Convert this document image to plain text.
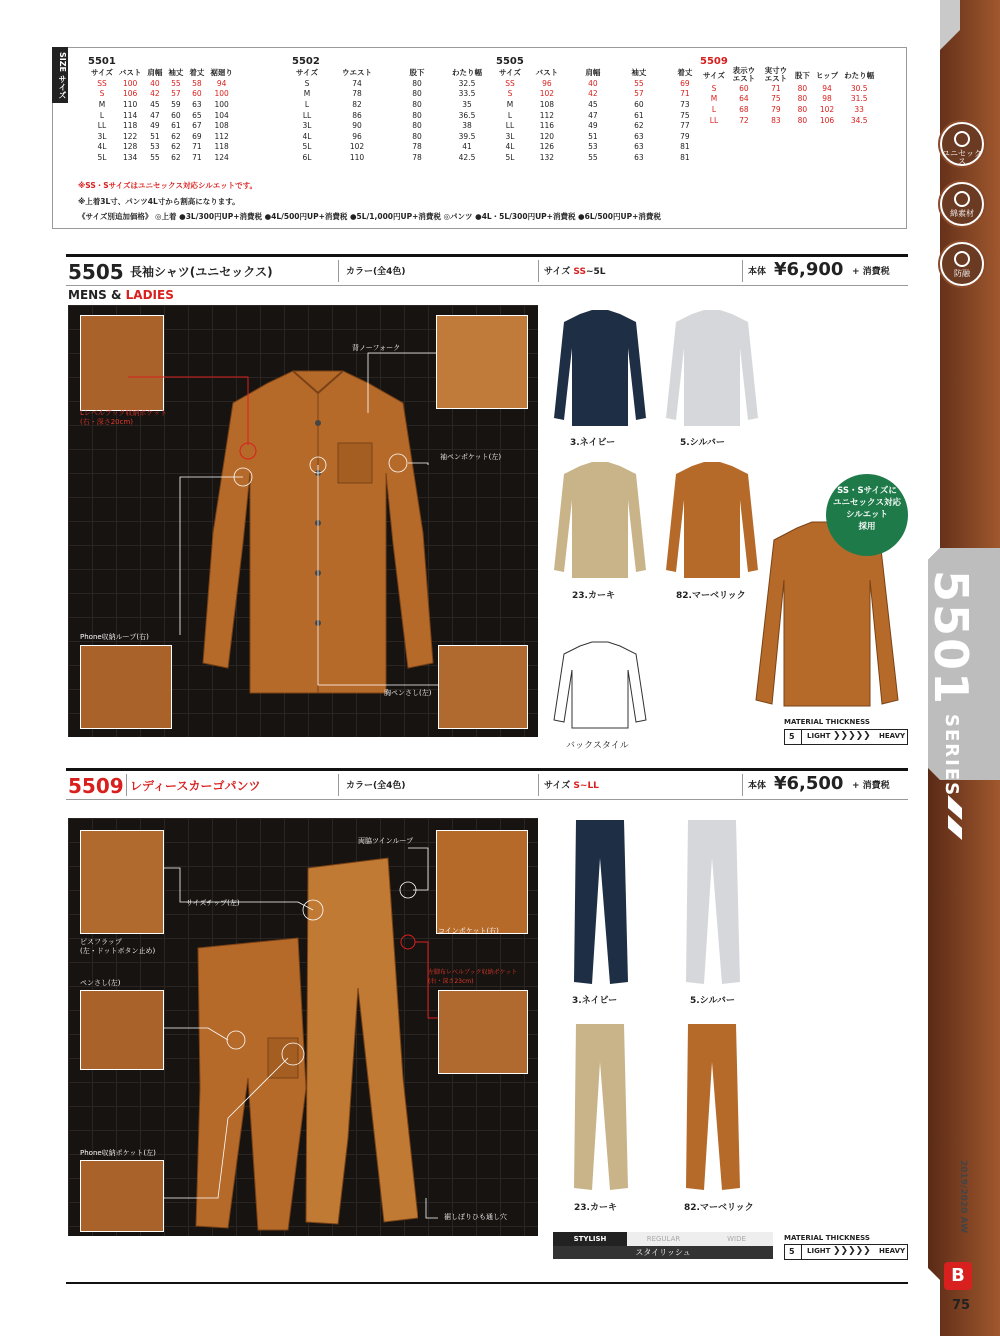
ユニセックス
綿素材
防融
5501SERIES
2019/2020 AW
B
75
SIZE サイズ 5501					
サイズ	バスト	肩幅	袖丈	着丈	裾廻り
SS	100	40	55	58	94
S	106	42	57	60	100
M	110	45	59	63	100
L	114	47	60	65	104
LL	118	49	61	67	108
3L	122	51	62	69	112
4L	128	53	62	71	118
5L	134	55	62	71	124
5502			
サイズ	ウエスト	股下	わたり幅
S	74	80	32.5
M	78	80	33.5
L	82	80	35
LL	86	80	36.5
3L	90	80	38
4L	96	80	39.5
5L	102	78	41
6L	110	78	42.5
5505				
サイズ	バスト	肩幅	袖丈	着丈
SS	96	40	55	69
S	102	42	57	71
M	108	45	60	73
L	112	47	61	75
LL	116	49	62	77
3L	120	51	63	79
4L	126	53	63	81
5L	132	55	63	81
5509					
サイズ	表示ウエスト	実寸ウエスト	股下	ヒップ	わたり幅
S	60	71	80	94	30.5
M	64	75	80	98	31.5
L	68	79	80	102	33
LL	72	83	80	106	34.5
※SS・Sサイズはユニセックス対応シルエットです。
※上着3L寸、パンツ4L寸から割高になります。
《サイズ別追加価格》 ◎上着 ●3L/300円UP+消費税 ●4L/500円UP+消費税 ●5L/1,000円UP+消費税 ◎パンツ ●4L・5L/300円UP+消費税 ●6L/500円UP+消費税
5505 長袖シャツ(ユニセックス)	カラー(全4色)	サイズ SS~5L	本体 ¥6,900 + 消費税
MENS & LADIES
背ノーフォーク
Lレベルブック収納ポケット
(右・深さ20cm)
袖ペンポケット(左)
Phone収納ループ(右)
胸ペンさし(左)
3.ネイビー	5.シルバー
23.カーキ	82.マーベリック
バックスタイル
SS・Sサイズに
ユニセックス対応
シルエット
採用
MATERIAL THICKNESS
5 LIGHT ❯❯❯❯❯ HEAVY
5509 レディースカーゴパンツ	カラー(全4色)	サイズ S~LL	本体 ¥6,500 + 消費税
両脇ツインループ
サイズチップ(左)
ピスフラップ
(左・ドットボタン止め)
コインポケット(右)
ペンさし(左)
左脚布レベルブック収納ポケット
(右・深さ23cm)
Phone収納ポケット(左)
裾しぼりひも通し穴
3.ネイビー	5.シルバー
23.カーキ	82.マーベリック
STYLISH	REGULAR	WIDE
スタイリッシュ
MATERIAL THICKNESS
5 LIGHT ❯❯❯❯❯ HEAVY
